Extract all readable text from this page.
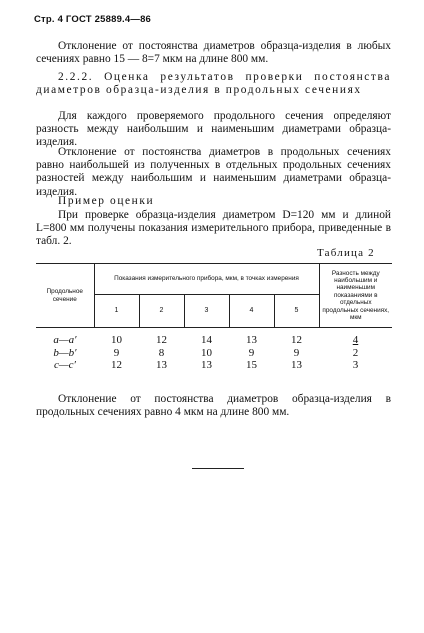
Стр. 4 ГОСТ 25889.4—86
Отклонение от постоянства диаметров образца-изделия в любых сечениях равно 15 — 8=7 мкм на длине 800 мм.
2.2.2. Оценка результатов проверки постоянства диаметров образца-изделия в продольных сечениях
Для каждого проверяемого продольного сечения определяют разность между наибольшим и наименьшим диаметрами образца-изделия.
Отклонение от постоянства диаметров в продольных сечениях равно наибольшей из полученных в отдельных продольных сечениях разностей между наибольшим и наименьшим диаметрами образца-изделия.
Пример оценки
При проверке образца-изделия диаметром D=120 мм и длиной L=800 мм получены показания измерительного прибора, приведенные в табл. 2.
Таблица 2
Продольное сечение	Показания измерительного прибора, мкм, в точках измерения					Разность между наибольшим и наименьшим показаниями в отдельных продольных сечениях, мкм
	1	2	3	4	5	
a—a′	10	12	14	13	12	4
b—b′	9	8	10	9	9	2
c—c′	12	13	13	15	13	3
Отклонение от постоянства диаметров образца-изделия в продольных сечениях равно 4 мкм на длине 800 мм.
